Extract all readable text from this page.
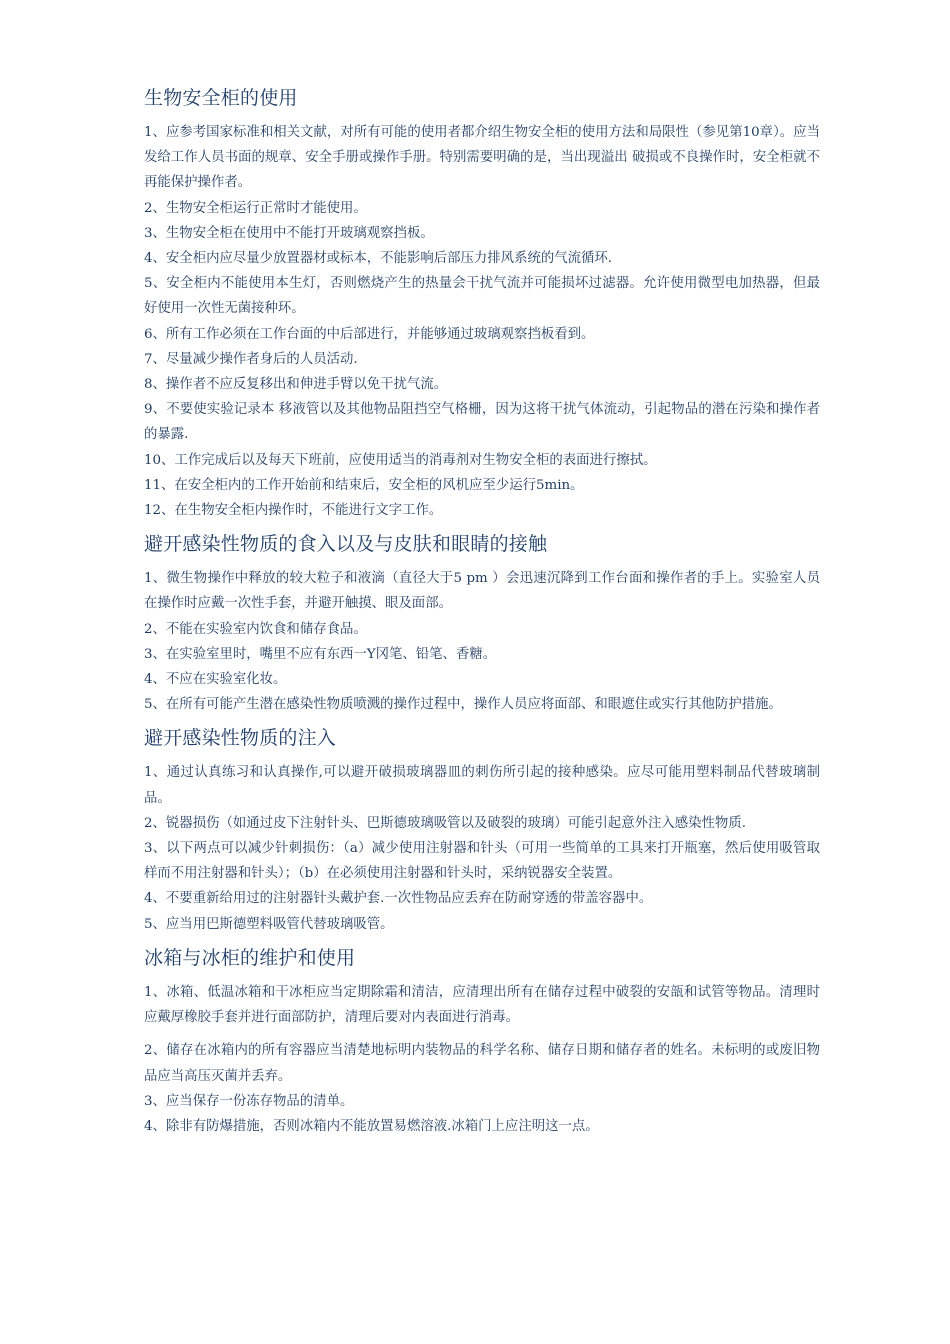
生物安全柜的使用

1、应参考国家标准和相关文献，对所有可能的使用者都介绍生物安全柜的使用方法和局限性（参见第10章）。应当发给工作人员书面的规章、安全手册或操作手册。特别需要明确的是，当出现溢出 破损或不良操作时，安全柜就不再能保护操作者。

2、生物安全柜运行正常时才能使用。

3、生物安全柜在使用中不能打开玻璃观察挡板。

4、安全柜内应尽量少放置器材或标本，不能影响后部压力排风系统的气流循环.

5、安全柜内不能使用本生灯，否则燃烧产生的热量会干扰气流并可能损坏过滤器。允许使用微型电加热器，但最好使用一次性无菌接种环。

6、所有工作必须在工作台面的中后部进行，并能够通过玻璃观察挡板看到。

7、尽量减少操作者身后的人员活动.

8、操作者不应反复移出和伸进手臂以免干扰气流。

9、不要使实验记录本 移液管以及其他物品阻挡空气格栅，因为这将干扰气体流动，引起物品的潜在污染和操作者的暴露.

10、工作完成后以及每天下班前，应使用适当的消毒剂对生物安全柜的表面进行擦拭。

11、在安全柜内的工作开始前和结束后，安全柜的风机应至少运行5min。

12、在生物安全柜内操作时，不能进行文字工作。

避开感染性物质的食入以及与皮肤和眼睛的接触

1、微生物操作中释放的较大粒子和液滴（直径大于5 pm ）会迅速沉降到工作台面和操作者的手上。实验室人员在操作时应戴一次性手套，并避开触摸、眼及面部。

2、不能在实验室内饮食和储存食品。

3、在实验室里时，嘴里不应有东西一Y冈笔、铅笔、香糖。

4、不应在实验室化妆。

5、在所有可能产生潜在感染性物质喷溅的操作过程中，操作人员应将面部、和眼遮住或实行其他防护措施。

避开感染性物质的注入

1、通过认真练习和认真操作,可以避开破损玻璃器皿的刺伤所引起的接种感染。应尽可能用塑料制品代替玻璃制品。

2、锐器损伤（如通过皮下注射针头、巴斯德玻璃吸管以及破裂的玻璃）可能引起意外注入感染性物质.

3、以下两点可以减少针刺损伤：（a）减少使用注射器和针头（可用一些简单的工具来打开瓶塞，然后使用吸管取样而不用注射器和针头）；（b）在必须使用注射器和针头时，采纳锐器安全装置。

4、不要重新给用过的注射器针头戴护套.一次性物品应丢弃在防耐穿透的带盖容器中。

5、应当用巴斯德塑料吸管代替玻璃吸管。

冰箱与冰柜的维护和使用

1、冰箱、低温冰箱和干冰柜应当定期除霜和清洁，应清理出所有在储存过程中破裂的安瓿和试管等物品。清理时应戴厚橡胶手套并进行面部防护，清理后要对内表面进行消毒。

2、储存在冰箱内的所有容器应当清楚地标明内装物品的科学名称、储存日期和储存者的姓名。未标明的或废旧物品应当高压灭菌并丢弃。

3、应当保存一份冻存物品的清单。

4、除非有防爆措施，否则冰箱内不能放置易燃溶液.冰箱门上应注明这一点。
